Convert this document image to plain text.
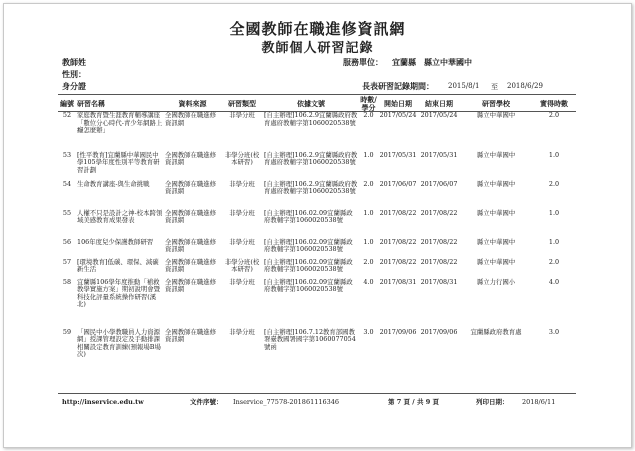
全國教師在職進修資訊網
教師個人研習記錄
教師姓
性別：
身分證
服務單位： 宜蘭縣　縣立中華國中
長表研習記錄期間： 2015/8/1 至 2018/6/29
編號	研習名稱	資料來源	研習類型	依據文號	時數/學分	開始日期	結束日期	研習學校	實得時數
52	家庭教育暨生涯教育輔導講座「數位分心時代-青少年網路上癮怎麼辦」	全國教師在職進修資訊網	非學分班	[自主辦理]106.2.9宜蘭縣政府教育處府教輔字第1060020538號	2.0	2017/05/24	2017/05/24	縣立中華國中	2.0
53	[性平教育]宜蘭縣中華國民中學105學年度性別平等教育研習計劃	全國教師在職進修資訊網	非學分班(校本研習)	[自主辦理]106.2.9宜蘭縣政府教育處府教輔字第1060020538號	1.0	2017/05/31	2017/05/31	縣立中華國中	1.0
54	生命教育講座-與生命挑戰	全國教師在職進修資訊網	非學分班	[自主辦理]106.2.9宜蘭縣政府教育處府教輔字第1060020538號	2.0	2017/06/07	2017/06/07	縣立中華國中	2.0
55	人權不只是設計之神-校本跨領域美感教育成果發表	全國教師在職進修資訊網	非學分班	[自主辦理]106.02.09宜蘭縣政府教輔字第1060020538號	1.0	2017/08/22	2017/08/22	縣立中華國中	1.0
56	106年度兒少保護教師研習	全國教師在職進修資訊網	非學分班	[自主辦理]106.02.09宜蘭縣政府教輔字第1060020538號	1.0	2017/08/22	2017/08/22	縣立中華國中	1.0
57	[環境教育]低碳、環保、減碳新生活	全國教師在職進修資訊網	非學分班(校本研習)	[自主辦理]106.02.09宜蘭縣政府教輔字第1060020538號	2.0	2017/08/22	2017/08/22	縣立中華國中	2.0
58	宜蘭縣106學年度推動「補救教學實施方案」期初說明會暨科技化評量系統操作研習(溪北)	全國教師在職進修資訊網	非學分班	[自主辦理]106.02.09宜蘭縣政府教輔字第1060020538號	4.0	2017/08/31	2017/08/31	縣立力行國小	4.0
59	「國民中小學教職員人力資源網」授課管理設定及手動排課相關設定教育訓練(預報場B場次)	全國教師在職進修資訊網	非學分班	[自主辦理]106.7.12教育部國教署臺教國署國字第1060077054號函	3.0	2017/09/06	2017/09/06	宜蘭縣政府教育處	3.0
http://inservice.edu.tw	文件序號： Inservice_77578-201861116346	第 7 頁 / 共 9 頁	列印日期： 2018/6/11
